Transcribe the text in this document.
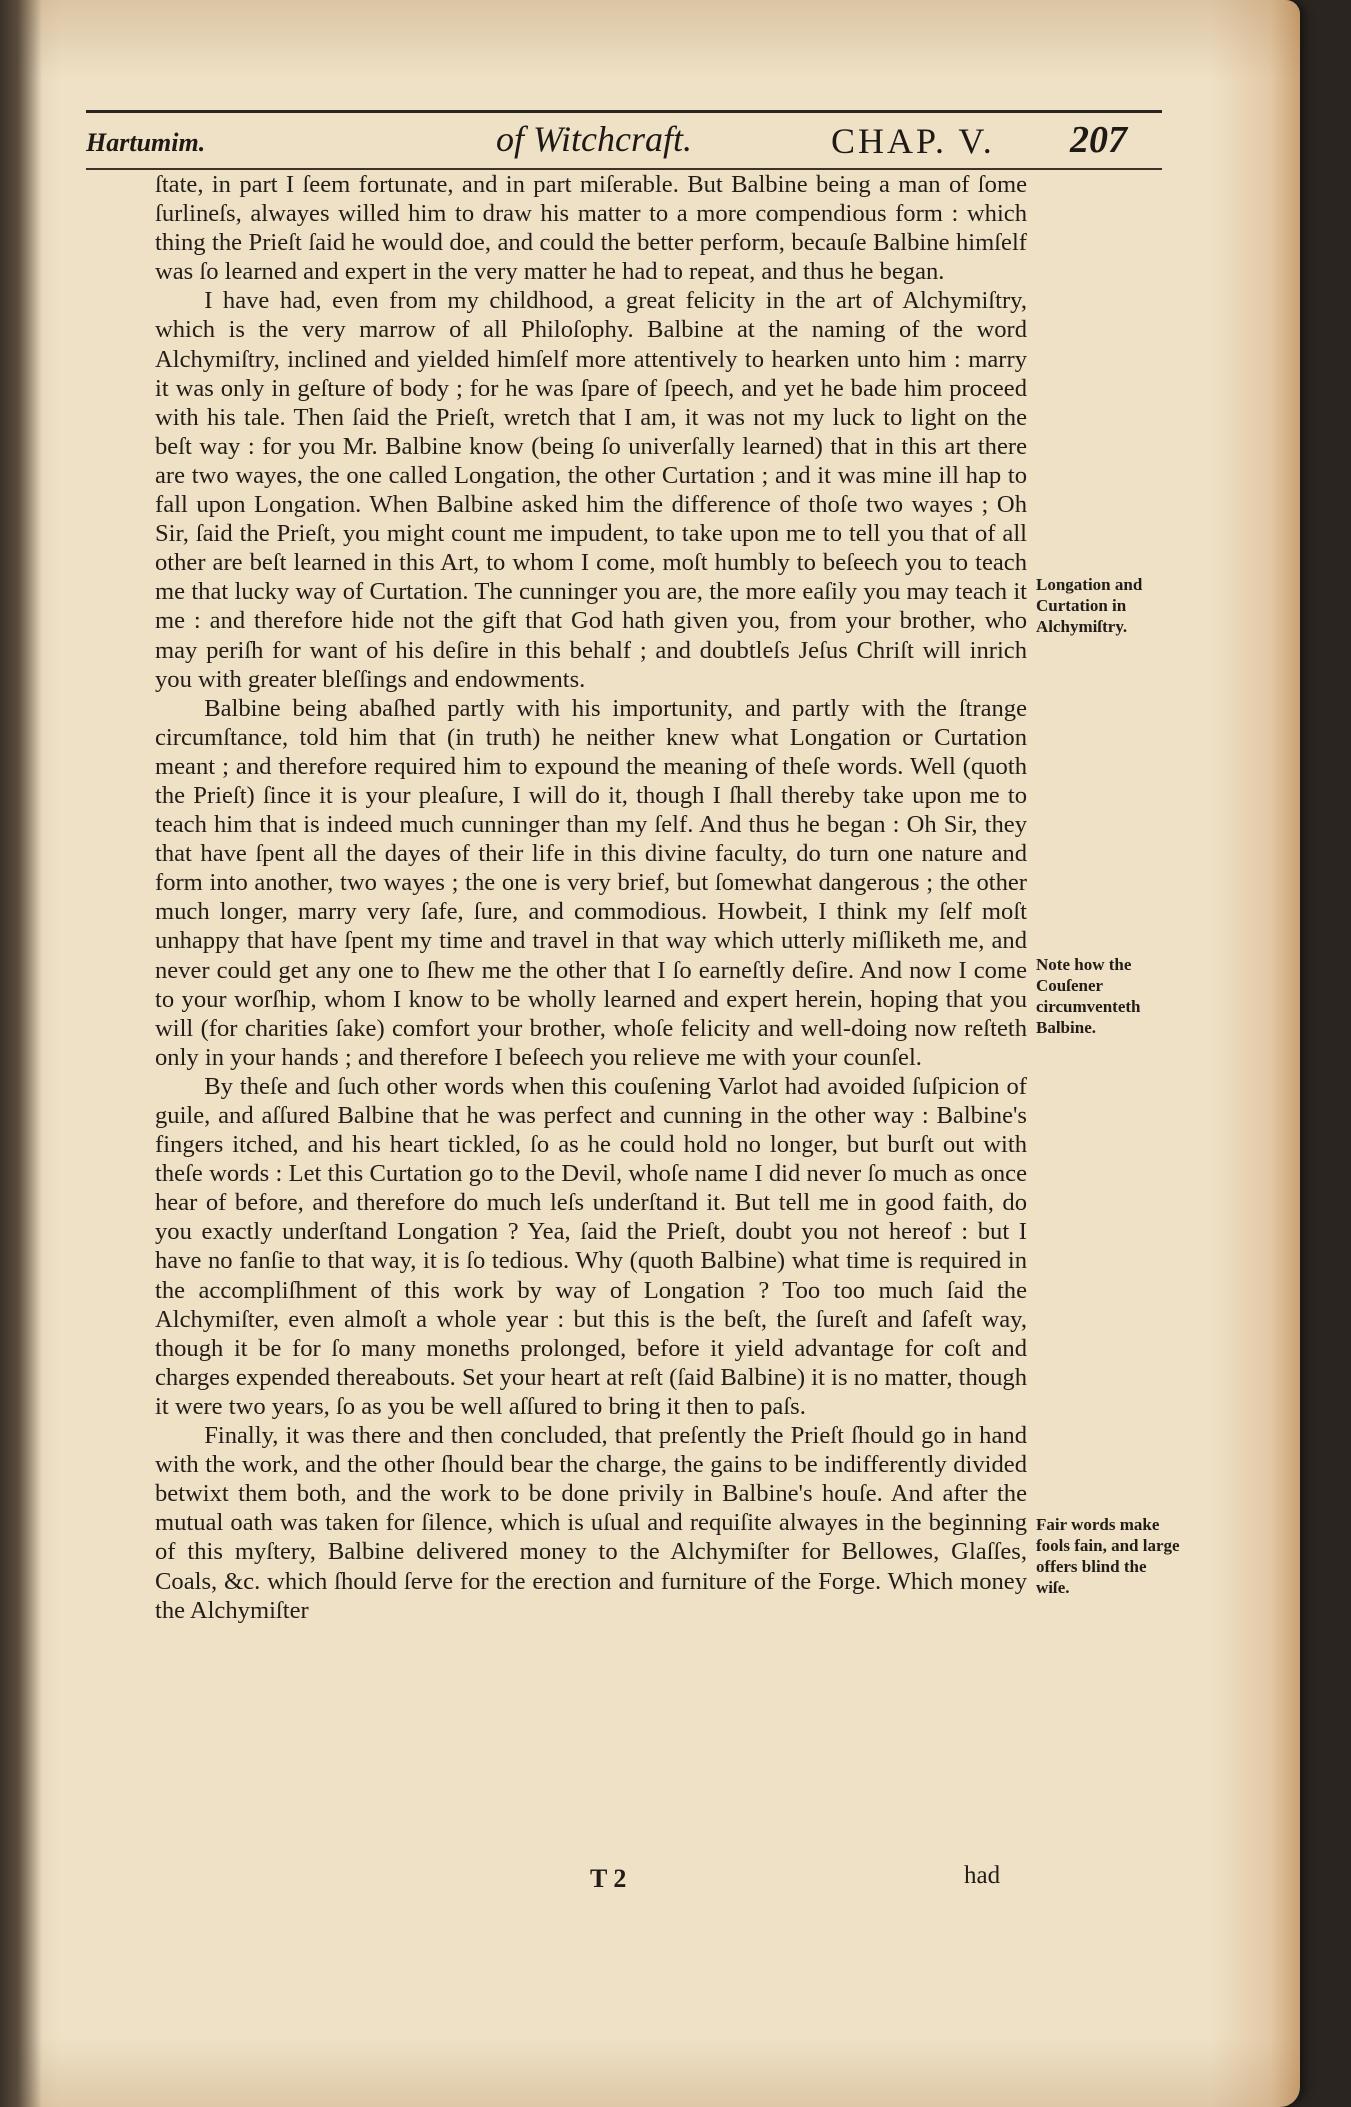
Hartumim.	of Witchcraft.	CHAP. V. 207

ſtate, in part I ſeem fortunate, and in part miſerable. But Balbine being a man of ſome ſurlineſs, alwayes willed him to draw his matter to a more compendious form : which thing the Prieſt ſaid he would doe, and could the better perform, becauſe Balbine himſelf was ſo learned and expert in the very matter he had to repeat, and thus he began.

I have had, even from my childhood, a great felicity in the art of Alchymiſtry, which is the very marrow of all Philoſophy. Balbine at the naming of the word Alchymiſtry, inclined and yielded himſelf more attentively to hearken unto him : marry it was only in geſture of body ; for he was ſpare of ſpeech, and yet he bade him proceed with his tale. Then ſaid the Prieſt, wretch that I am, it was not my luck to light on the beſt way : for you Mr. Balbine know (being ſo univerſally learned) that in this art there are two wayes, the one called Longation, the other Curtation ; and it was mine ill hap to fall upon Longation. When Balbine asked him the difference of thoſe two wayes ; Oh Sir, ſaid the Prieſt, you might count me impudent, to take upon me to tell you that of all other are beſt learned in this Art, to whom I come, moſt humbly to beſeech you to teach me that lucky way of Curtation. The cunninger you are, the more eaſily you may teach it me : and therefore hide not the gift that God hath given you, from your brother, who may periſh for want of his deſire in this behalf ; and doubtleſs Jeſus Chriſt will inrich you with greater bleſſings and endowments.

Balbine being abaſhed partly with his importunity, and partly with the ſtrange circumſtance, told him that (in truth) he neither knew what Longation or Curtation meant ; and therefore required him to expound the meaning of theſe words. Well (quoth the Prieſt) ſince it is your pleaſure, I will do it, though I ſhall thereby take upon me to teach him that is indeed much cunninger than my ſelf. And thus he began : Oh Sir, they that have ſpent all the dayes of their life in this divine faculty, do turn one nature and form into another, two wayes ; the one is very brief, but ſomewhat dangerous ; the other much longer, marry very ſafe, ſure, and commodious. Howbeit, I think my ſelf moſt unhappy that have ſpent my time and travel in that way which utterly miſliketh me, and never could get any one to ſhew me the other that I ſo earneſtly deſire. And now I come to your worſhip, whom I know to be wholly learned and expert herein, hoping that you will (for charities ſake) comfort your brother, whoſe felicity and well-doing now reſteth only in your hands ; and therefore I beſeech you relieve me with your counſel.

By theſe and ſuch other words when this couſening Varlot had avoided ſuſpicion of guile, and aſſured Balbine that he was perfect and cunning in the other way : Balbine's fingers itched, and his heart tickled, ſo as he could hold no longer, but burſt out with theſe words : Let this Curtation go to the Devil, whoſe name I did never ſo much as once hear of before, and therefore do much leſs underſtand it. But tell me in good faith, do you exactly underſtand Longation ? Yea, ſaid the Prieſt, doubt you not hereof : but I have no fanſie to that way, it is ſo tedious. Why (quoth Balbine) what time is required in the accompliſhment of this work by way of Longation ? Too too much ſaid the Alchymiſter, even almoſt a whole year : but this is the beſt, the ſureſt and ſafeſt way, though it be for ſo many moneths prolonged, before it yield advantage for coſt and charges expended thereabouts. Set your heart at reſt (ſaid Balbine) it is no matter, though it were two years, ſo as you be well aſſured to bring it then to paſs.

Finally, it was there and then concluded, that preſently the Prieſt ſhould go in hand with the work, and the other ſhould bear the charge, the gains to be indifferently divided betwixt them both, and the work to be done privily in Balbine's houſe. And after the mutual oath was taken for ſilence, which is uſual and requiſite alwayes in the beginning of this myſtery, Balbine delivered money to the Alchymiſter for Bellowes, Glaſſes, Coals, &c. which ſhould ſerve for the erection and furniture of the Forge. Which money the Alchymiſter

Longation and Curtation in Alchymiſtry.
Note how the Couſener circumventeth Balbine.
Fair words make fools fain, and large offers blind the wiſe.
T 2	had
